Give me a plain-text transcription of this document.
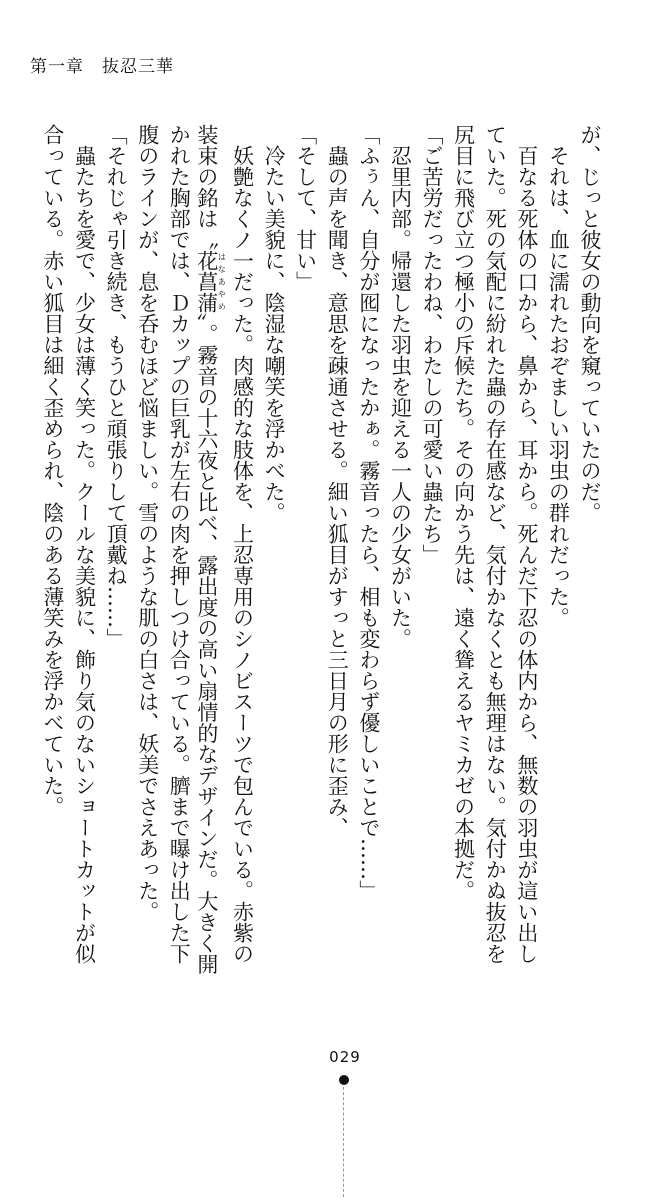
第一章　抜忍三華
が、じっと彼女の動向を窺っていたのだ。
　それは、血に濡れたおぞましい羽虫の群れだった。
　百なる死体の口から、鼻から、耳から。死んだ下忍の体内から、無数の羽虫が這い出し
ていた。死の気配に紛れた蟲の存在感など、気付かなくとも無理はない。気付かぬ抜忍を
尻目に飛び立つ極小の斥候たち。その向かう先は、遠く聳えるヤミカゼの本拠だ。
「ご苦労だったわね、わたしの可愛い蟲たち」
　忍里内部。帰還した羽虫を迎える一人の少女がいた。
「ふぅん、自分が囮になったかぁ。霧音ったら、相も変わらず優しいことで……」
　蟲の声を聞き、意思を疎通させる。細い狐目がすっと三日月の形に歪み、
「そして、甘い」
　冷たい美貌に、陰湿な嘲笑を浮かべた。
　妖艶なくノ一だった。肉感的な肢体を、上忍専用のシノビスーツで包んでいる。赤紫の
装束の銘は〝花菖蒲はなあやめ〟。霧音の十六夜と比べ、露出度の高い扇情的なデザインだ。大きく開
かれた胸部では、Ｄカップの巨乳が左右の肉を押しつけ合っている。臍まで曝け出した下
腹のラインが、息を呑むほど悩ましい。雪のような肌の白さは、妖美でさえあった。
「それじゃ引き続き、もうひと頑張りして頂戴ね……」
　蟲たちを愛で、少女は薄く笑った。クールな美貌に、飾り気のないショートカットが似
合っている。赤い狐目は細く歪められ、陰のある薄笑みを浮かべていた。
029
